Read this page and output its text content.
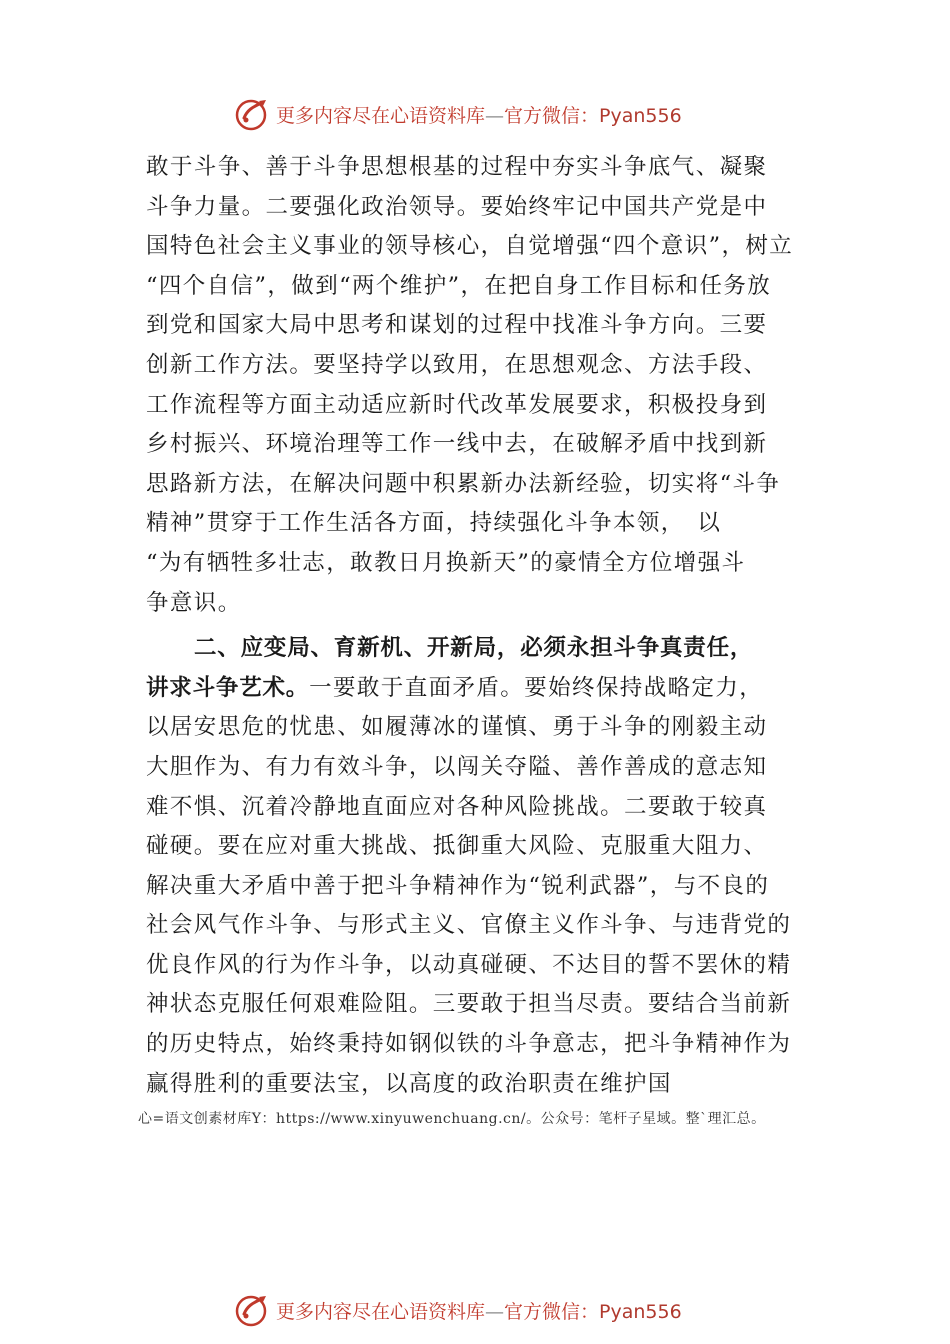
更多内容尽在心语资料库—官方微信：Pyan556
敢于斗争、善于斗争思想根基的过程中夯实斗争底气、凝聚
斗争力量。二要强化政治领导。要始终牢记中国共产党是中
国特色社会主义事业的领导核心，自觉增强“四个意识”，树立
“四个自信”，做到“两个维护”，在把自身工作目标和任务放
到党和国家大局中思考和谋划的过程中找准斗争方向。三要
创新工作方法。要坚持学以致用，在思想观念、方法手段、
工作流程等方面主动适应新时代改革发展要求，积极投身到
乡村振兴、环境治理等工作一线中去，在破解矛盾中找到新
思路新方法，在解决问题中积累新办法新经验，切实将“斗争
精神”贯穿于工作生活各方面，持续强化斗争本领，　以
“为有牺牲多壮志，敢教日月换新天”的豪情全方位增强斗
争意识。
二、应变局、育新机、开新局，必须永担斗争真责任，
讲求斗争艺术。一要敢于直面矛盾。要始终保持战略定力，
以居安思危的忧患、如履薄冰的谨慎、勇于斗争的刚毅主动
大胆作为、有力有效斗争，以闯关夺隘、善作善成的意志知
难不惧、沉着冷静地直面应对各种风险挑战。二要敢于较真
碰硬。要在应对重大挑战、抵御重大风险、克服重大阻力、
解决重大矛盾中善于把斗争精神作为“锐利武器”，与不良的
社会风气作斗争、与形式主义、官僚主义作斗争、与违背党的
优良作风的行为作斗争，以动真碰硬、不达目的誓不罢休的精
神状态克服任何艰难险阻。三要敢于担当尽责。要结合当前新
的历史特点，始终秉持如钢似铁的斗争意志，把斗争精神作为
赢得胜利的重要法宝，以高度的政治职责在维护国
心=语文创素材库Y：https://www.xinyuwenchuang.cn/。公众号：笔杆子星域。整`理汇总。
更多内容尽在心语资料库—官方微信：Pyan556
